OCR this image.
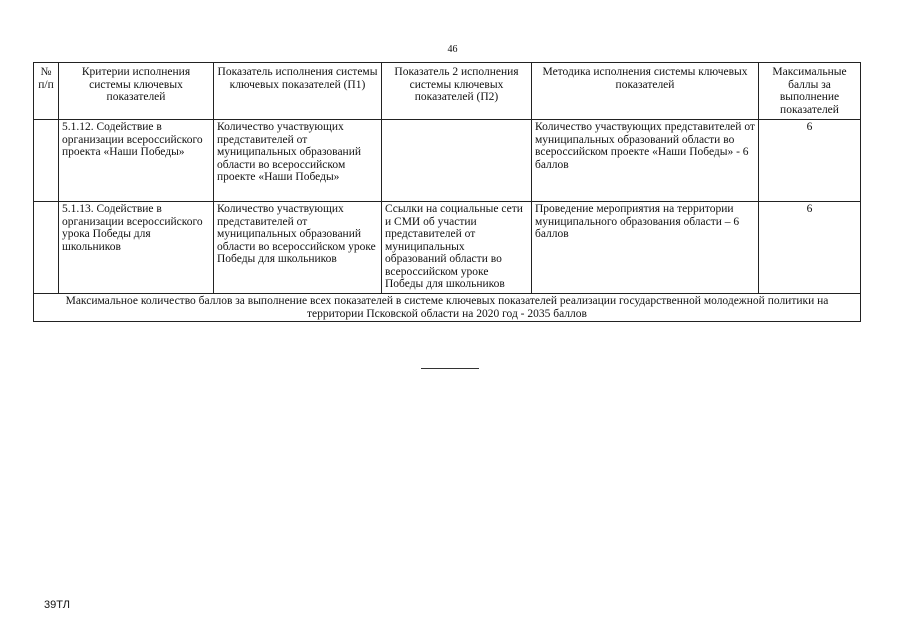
46
№ п/п	Критерии исполнения системы ключевых показателей	Показатель исполнения системы ключевых показателей (П1)	Показатель 2 исполнения системы ключевых показателей (П2)	Методика исполнения системы ключевых показателей	Максимальные баллы за выполнение показателей
	5.1.12. Содействие в организации всероссийского проекта «Наши Победы»	Количество участвующих представителей от муниципальных образований области во всероссийском проекте «Наши Победы»		Количество участвующих представителей от муниципальных образований области во всероссийском проекте «Наши Победы» - 6 баллов	6
	5.1.13. Содействие в организации всероссийского урока Победы для школьников	Количество участвующих представителей от муниципальных образований области во всероссийском уроке Победы для школьников	Ссылки на социальные сети и СМИ об участии представителей от муниципальных образований области во всероссийском уроке Победы для школьников	Проведение мероприятия на территории муниципального образования области – 6 баллов	6
Максимальное количество баллов за выполнение всех показателей в системе ключевых показателей реализации государственной молодежной политики на территории Псковской области на 2020 год - 2035 баллов					
39ТЛ
